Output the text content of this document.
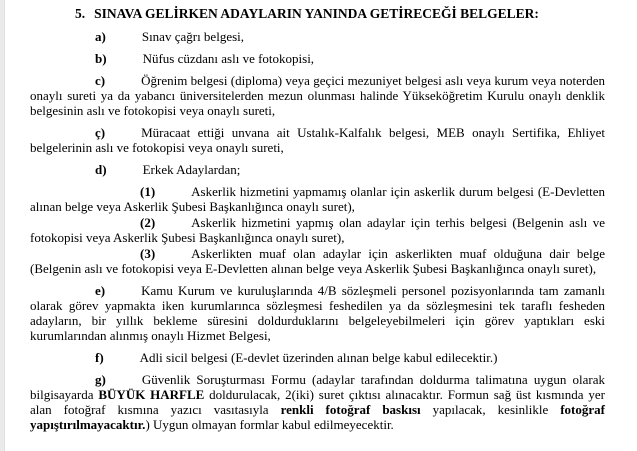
5. SINAVA GELİRKEN ADAYLARIN YANINDA GETİRECEĞİ BELGELER:

a)	Sınav çağrı belgesi,

b)	Nüfus cüzdanı aslı ve fotokopisi,

c)	Öğrenim belgesi (diploma) veya geçici mezuniyet belgesi aslı veya kurum veya noterden onaylı sureti ya da yabancı üniversitelerden mezun olunması halinde Yükseköğretim Kurulu onaylı denklik belgesinin aslı ve fotokopisi veya onaylı sureti,

ç)	Müracaat ettiği unvana ait Ustalık-Kalfalık belgesi, MEB onaylı Sertifika, Ehliyet belgelerinin aslı ve fotokopisi veya onaylı sureti,

d)	Erkek Adaylardan;

(1)	Askerlik hizmetini yapmamış olanlar için askerlik durum belgesi (E-Devletten alınan belge veya Askerlik Şubesi Başkanlığınca onaylı suret),

(2)	Askerlik hizmetini yapmış olan adaylar için terhis belgesi (Belgenin aslı ve fotokopisi veya Askerlik Şubesi Başkanlığınca onaylı suret),

(3)	Askerlikten muaf olan adaylar için askerlikten muaf olduğuna dair belge (Belgenin aslı ve fotokopisi veya E-Devletten alınan belge veya Askerlik Şubesi Başkanlığınca onaylı suret),

e)	Kamu Kurum ve kuruluşlarında 4/B sözleşmeli personel pozisyonlarında tam zamanlı olarak görev yapmakta iken kurumlarınca sözleşmesi feshedilen ya da sözleşmesini tek taraflı fesheden adayların, bir yıllık bekleme süresini doldurduklarını belgeleyebilmeleri için görev yaptıkları eski kurumlarından alınmış onaylı Hizmet Belgesi,

f)	Adli sicil belgesi (E-devlet üzerinden alınan belge kabul edilecektir.)

g)	Güvenlik Soruşturması Formu (adaylar tarafından doldurma talimatına uygun olarak bilgisayarda BÜYÜK HARFLE doldurulacak, 2(iki) suret çıktısı alınacaktır. Formun sağ üst kısmında yer alan fotoğraf kısmına yazıcı vasıtasıyla renkli fotoğraf baskısı yapılacak, kesinlikle fotoğraf yapıştırılmayacaktır.) Uygun olmayan formlar kabul edilmeyecektir.
